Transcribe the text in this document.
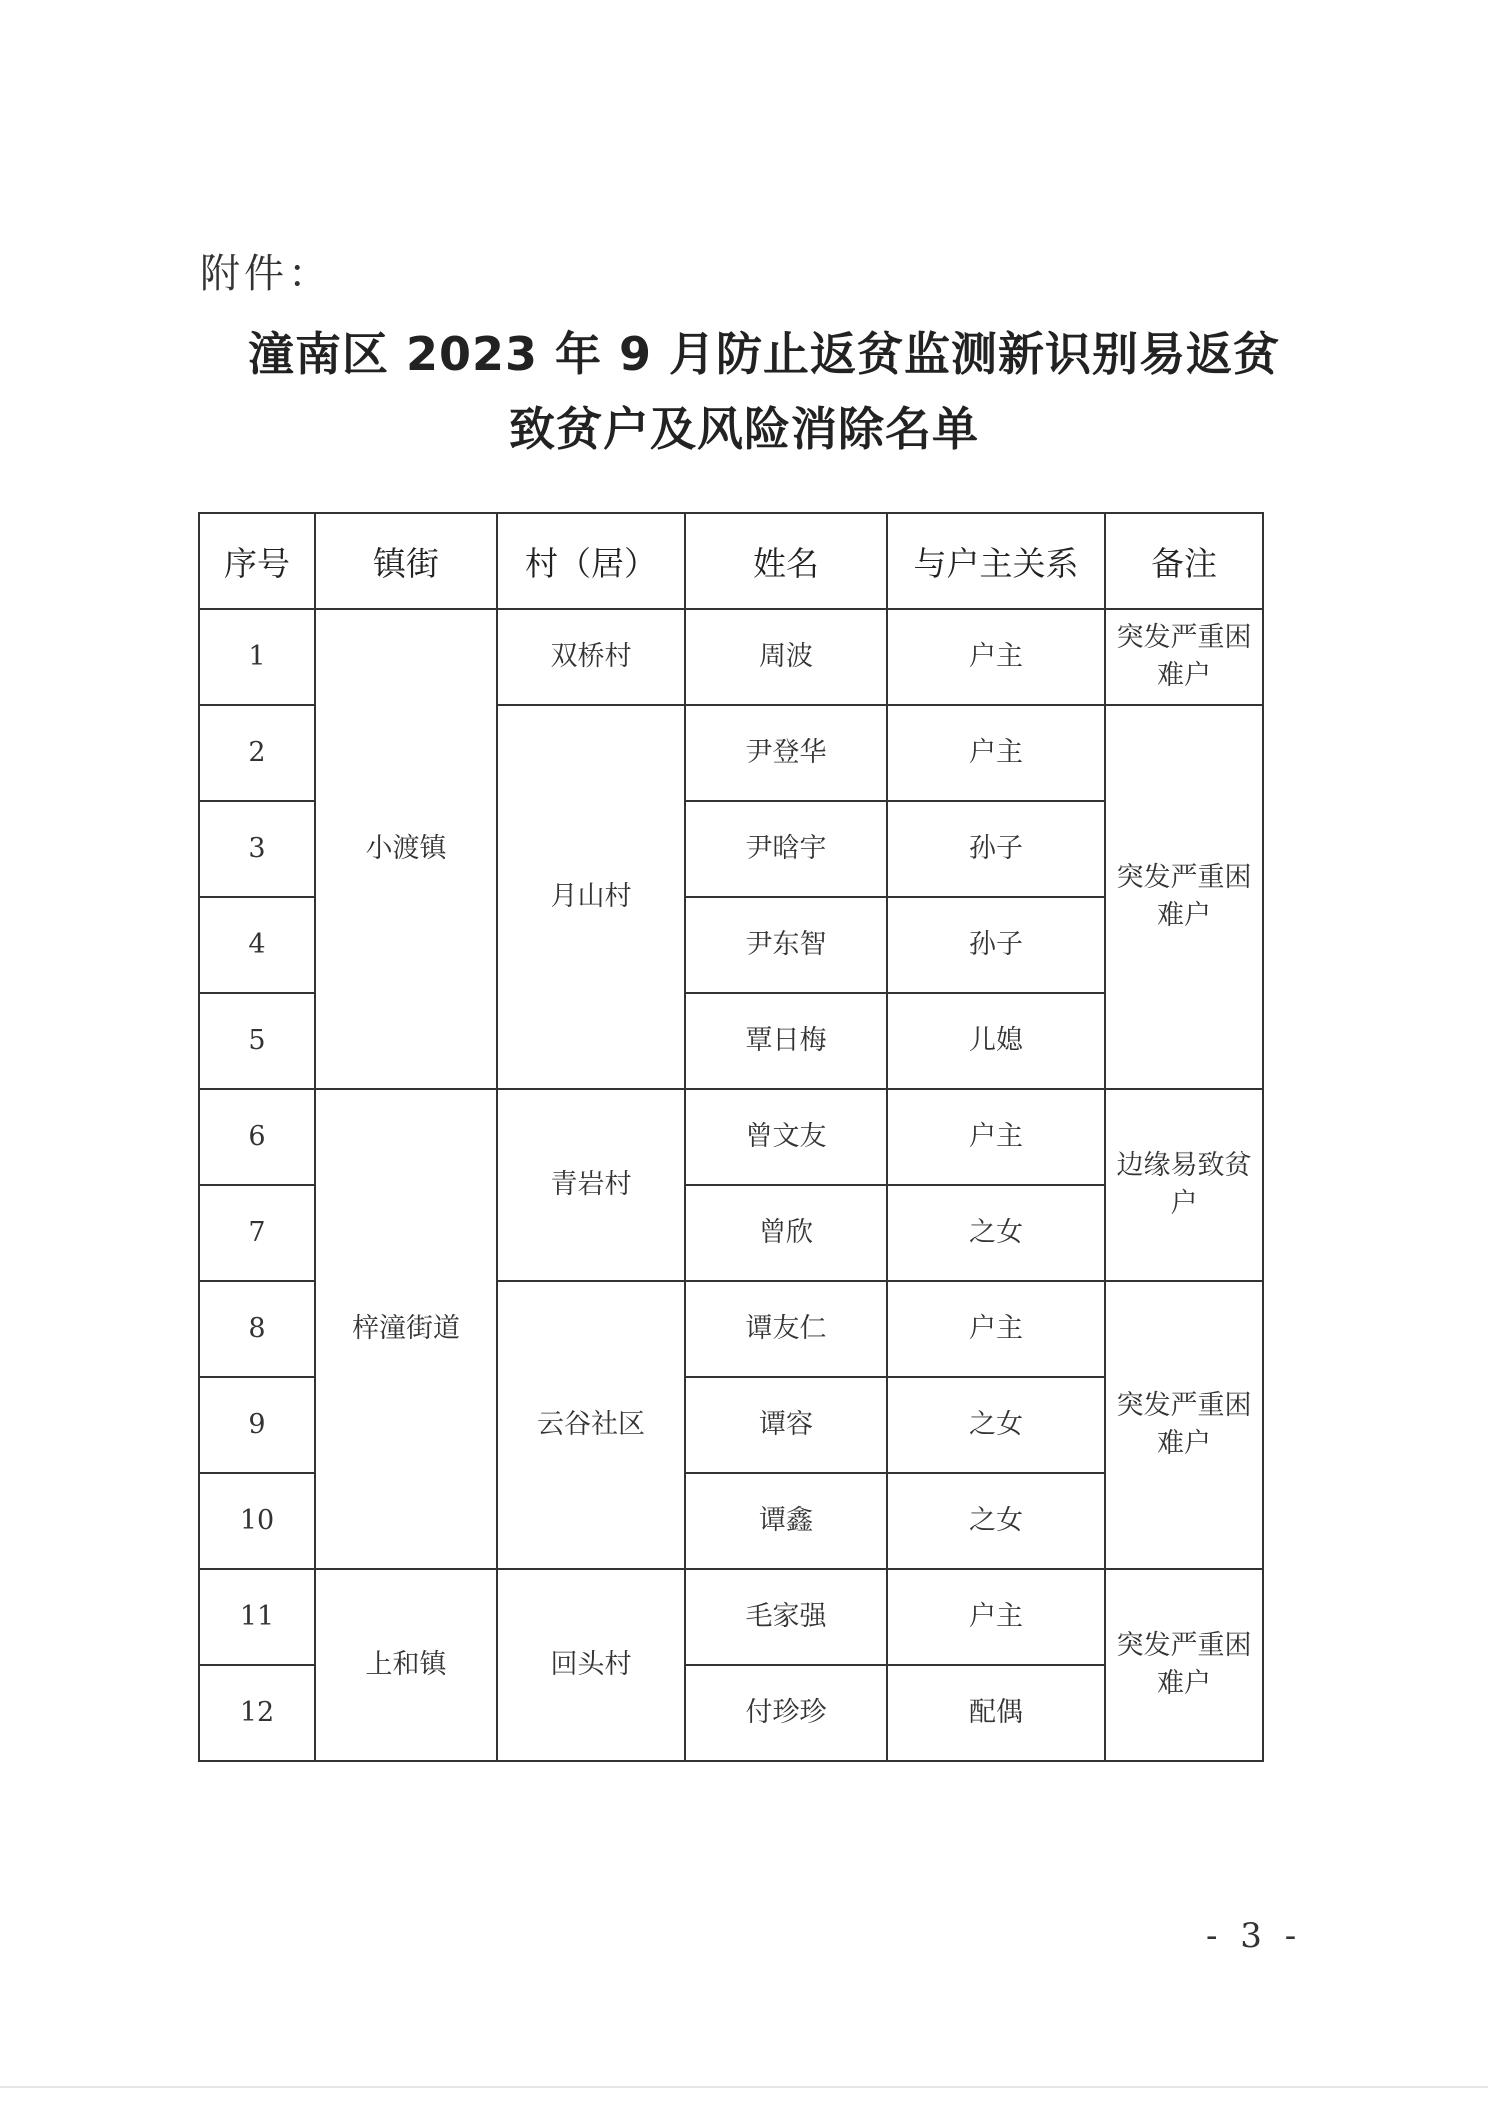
附件：
潼南区 2023 年 9 月防止返贫监测新识别易返贫
致贫户及风险消除名单
序号	镇街	村（居）	姓名	与户主关系	备注
1	小渡镇	双桥村	周波	户主	突发严重困难户
2		月山村	尹登华	户主	突发严重困难户
3			尹晗宇	孙子	
4			尹东智	孙子	
5			覃日梅	儿媳	
6	梓潼街道	青岩村	曾文友	户主	边缘易致贫户
7			曾欣	之女	
8		云谷社区	谭友仁	户主	突发严重困难户
9			谭容	之女	
10			谭鑫	之女	
11	上和镇	回头村	毛家强	户主	突发严重困难户
12			付珍珍	配偶	
- 3 -
